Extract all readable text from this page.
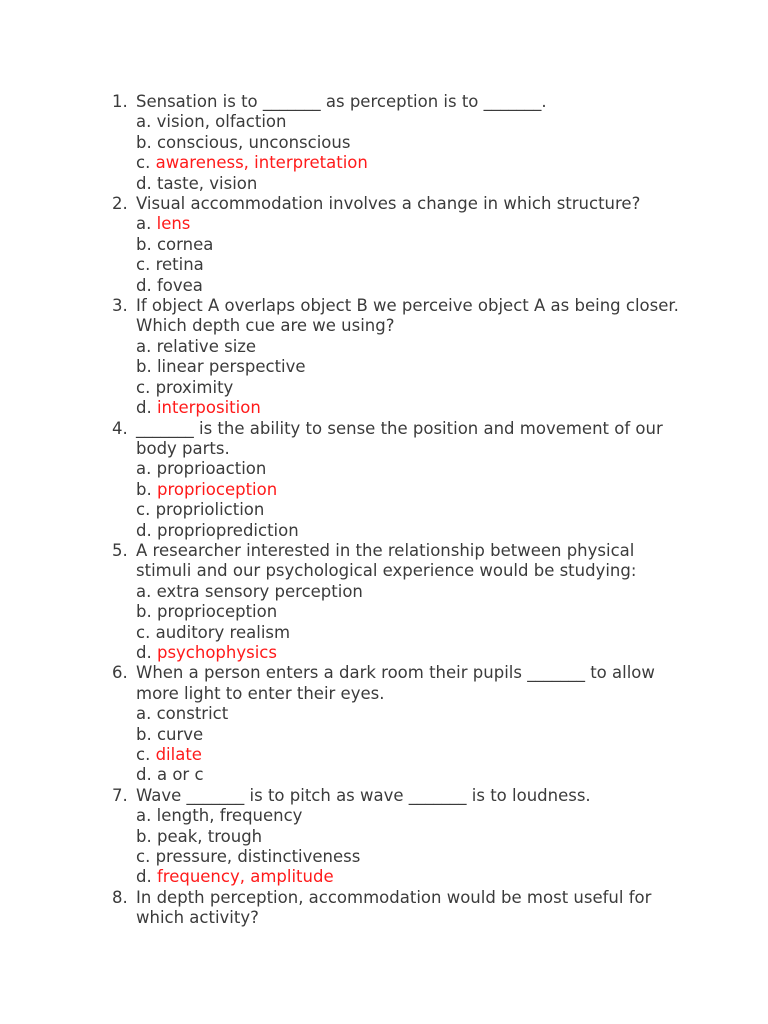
1. Sensation is to _______ as perception is to _______.
a. vision, olfaction
b. conscious, unconscious
c. awareness, interpretation
d. taste, vision
2. Visual accommodation involves a change in which structure?
a. lens
b. cornea
c. retina
d. fovea
3. If object A overlaps object B we perceive object A as being closer.  Which depth cue are we using?
a. relative size
b. linear perspective
c. proximity
d. interposition
4. _______ is the ability to sense the position and movement of our body parts.
a. proprioaction
b. proprioception
c. proprioliction
d. proprioprediction
5. A researcher interested in the relationship between physical stimuli and our psychological experience would be studying:
a. extra sensory perception
b. proprioception
c. auditory realism
d. psychophysics
6. When a person enters a dark room their pupils _______ to allow more light to enter their eyes.
a. constrict
b. curve
c. dilate
d. a or c
7. Wave _______ is to pitch as wave _______ is to loudness.
a. length, frequency
b. peak, trough
c. pressure, distinctiveness
d. frequency, amplitude
8. In depth perception, accommodation would be most useful for which activity?
